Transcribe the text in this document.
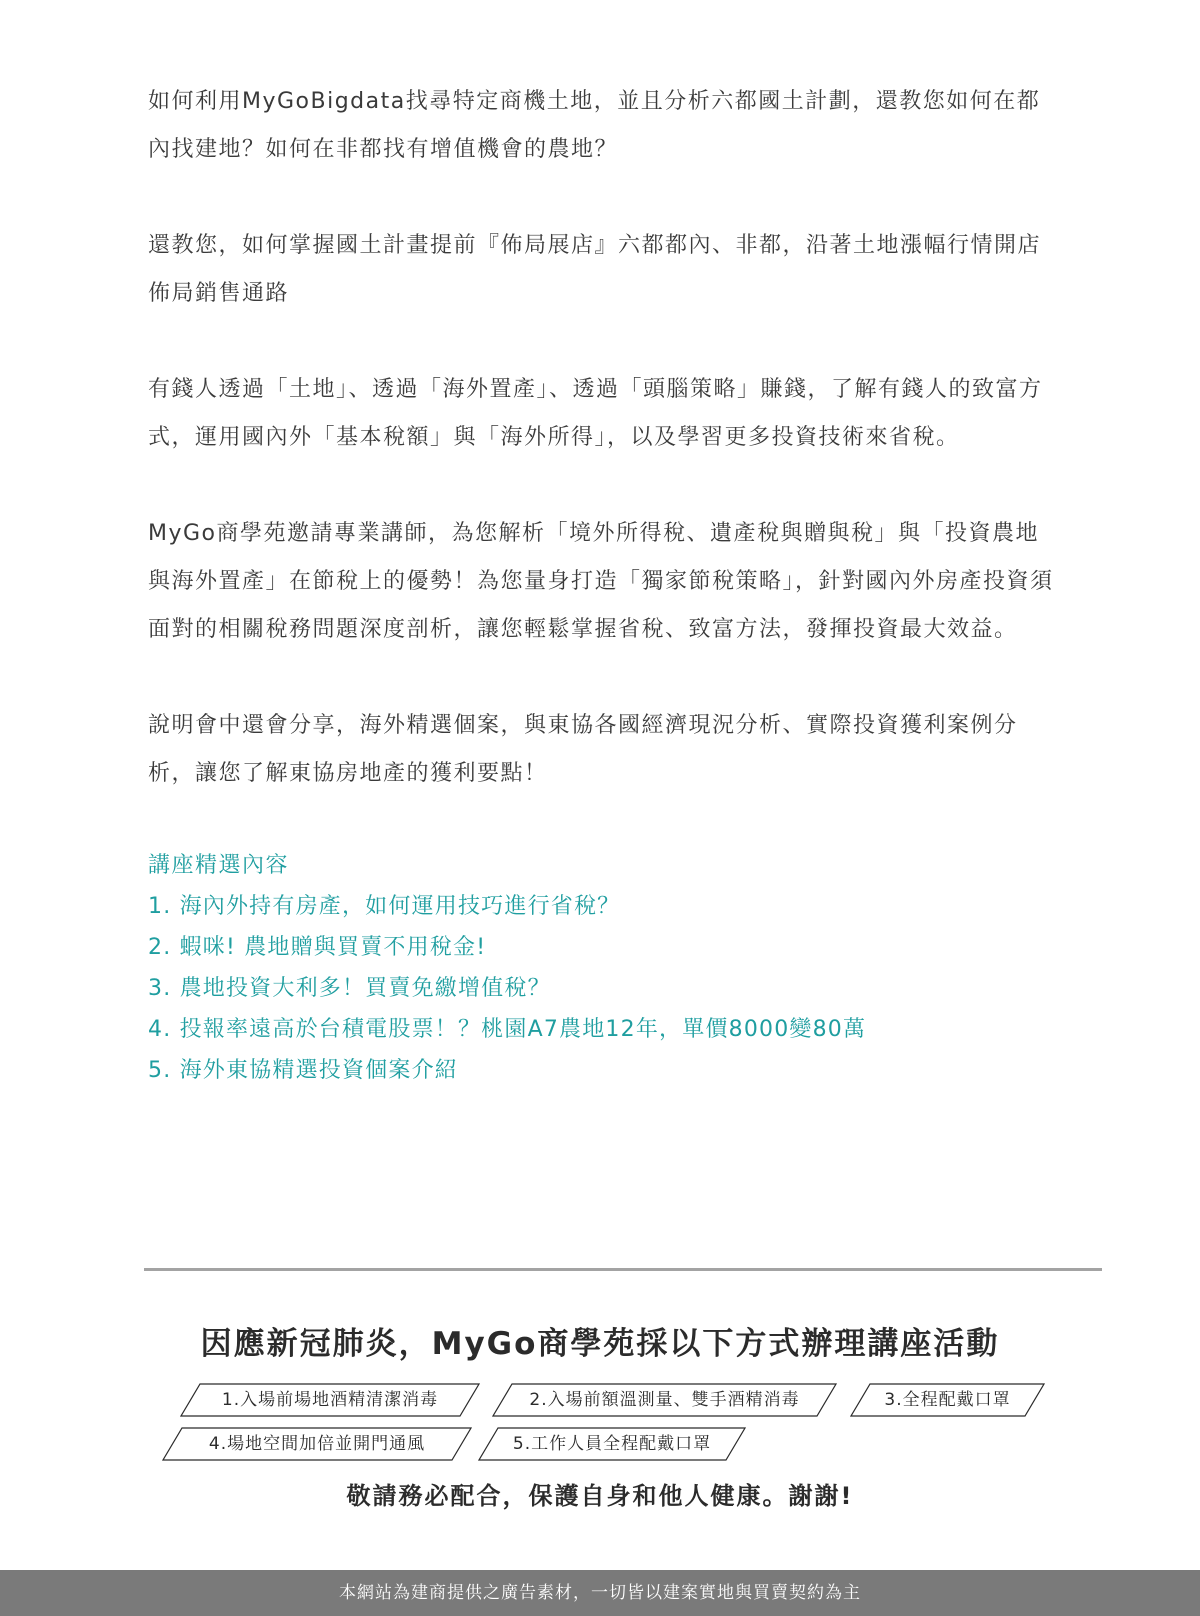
如何利用MyGoBigdata找尋特定商機土地，並且分析六都國土計劃，還教您如何在都內找建地？如何在非都找有增值機會的農地？

還教您，如何掌握國土計畫提前『佈局展店』六都都內、非都，沿著土地漲幅行情開店佈局銷售通路

有錢人透過「土地」、透過「海外置產」、透過「頭腦策略」賺錢，了解有錢人的致富方式，運用國內外「基本稅額」與「海外所得」，以及學習更多投資技術來省稅。

MyGo商學苑邀請專業講師，為您解析「境外所得稅、遺產稅與贈與稅」與「投資農地與海外置產」在節稅上的優勢！為您量身打造「獨家節稅策略」，針對國內外房產投資須面對的相關稅務問題深度剖析，讓您輕鬆掌握省稅、致富方法，發揮投資最大效益。

說明會中還會分享，海外精選個案，與東協各國經濟現況分析、實際投資獲利案例分析，讓您了解東協房地產的獲利要點！

講座精選內容
1. 海內外持有房產，如何運用技巧進行省稅？
2. 蝦咪! 農地贈與買賣不用稅金!
3. 農地投資大利多！買賣免繳增值稅？
4. 投報率遠高於台積電股票！？桃園A7農地12年，單價8000變80萬
5. 海外東協精選投資個案介紹
因應新冠肺炎，MyGo商學苑採以下方式辦理講座活動
1.入場前場地酒精清潔消毒	2.入場前額溫測量、雙手酒精消毒	3.全程配戴口罩
4.場地空間加倍並開門通風	5.工作人員全程配戴口罩
敬請務必配合，保護自身和他人健康。謝謝!
本網站為建商提供之廣告素材，一切皆以建案實地與買賣契約為主
